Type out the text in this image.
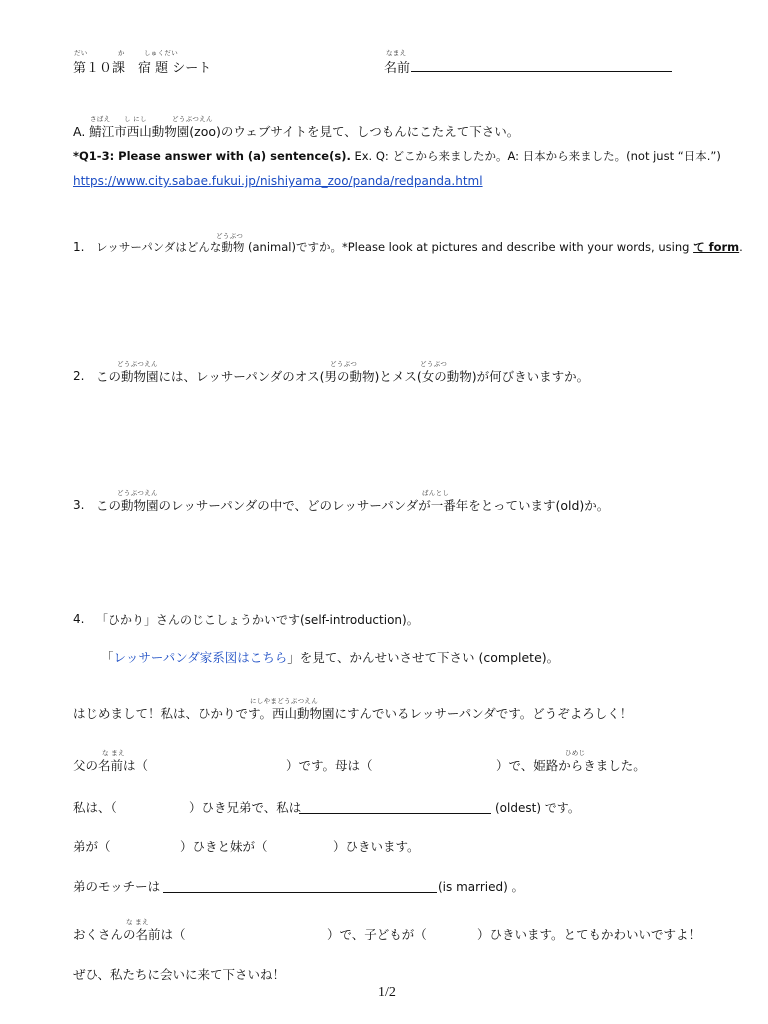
だい	か	しゅくだい
第１０課　宿 題 シート
なまえ
名前
さばえ し にし	どうぶつえん
A. 鯖江市西山動物園(zoo)のウェブサイトを見て、しつもんにこたえて下さい。
*Q1-3: Please answer with (a) sentence(s). Ex. Q: どこから来ましたか。A: 日本から来ました。(not just “日本.”)
https://www.city.sabae.fukui.jp/nishiyama_zoo/panda/redpanda.html
どうぶつ
1. レッサーパンダはどんな動物 (animal)ですか。*Please look at pictures and describe with your words, using て form.
どうぶつえん	どうぶつ	どうぶつ
2. この動物園には、レッサーパンダのオス(男の動物)とメス(女の動物)が何びきいますか。
どうぶつえん	ばんとし
3. この動物園のレッサーパンダの中で、どのレッサーパンダが一番年をとっています(old)か。
4. 「ひかり」さんのじこしょうかいです(self-introduction)。
「レッサーパンダ家系図はこちら」を見て、かんせいさせて下さい (complete)。
にしやまどうぶつえん
はじめまして！私は、ひかりです。西山動物園にすんでいるレッサーパンダです。どうぞよろしく！
な まえ	ひめじ
父の名前は（	）です。母は（	）で、姫路からきました。
私は、（	）ひき兄弟で、私は	(oldest) です。
弟が（	）ひきと妹が（	）ひきいます。
弟のモッチーは	(is married) 。
な まえ
おくさんの名前は（	）で、子どもが（	）ひきいます。とてもかわいいですよ！
ぜひ、私たちに会いに来て下さいね！
1/2
